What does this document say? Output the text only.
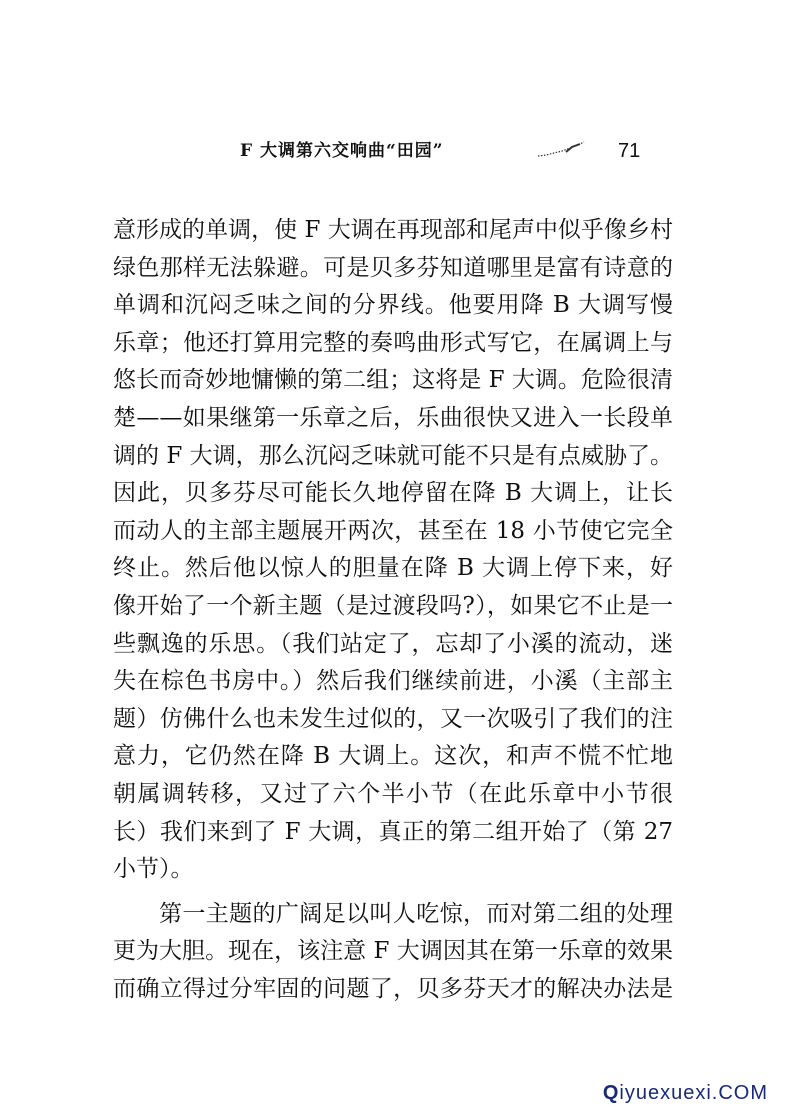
F 大调第六交响曲“田园”	71
意形成的单调，使 F 大调在再现部和尾声中似乎像乡村
绿色那样无法躲避。可是贝多芬知道哪里是富有诗意的
单调和沉闷乏味之间的分界线。他要用降 B 大调写慢
乐章；他还打算用完整的奏鸣曲形式写它，在属调上与
悠长而奇妙地慵懒的第二组；这将是 F 大调。危险很清
楚——如果继第一乐章之后，乐曲很快又进入一长段单
调的 F 大调，那么沉闷乏味就可能不只是有点威胁了。
因此，贝多芬尽可能长久地停留在降 B 大调上，让长
而动人的主部主题展开两次，甚至在 18 小节使它完全
终止。然后他以惊人的胆量在降 B 大调上停下来，好
像开始了一个新主题（是过渡段吗?），如果它不止是一
些飘逸的乐思。（我们站定了，忘却了小溪的流动，迷
失在棕色书房中。）然后我们继续前进，小溪（主部主
题）仿佛什么也未发生过似的，又一次吸引了我们的注
意力，它仍然在降 B 大调上。这次，和声不慌不忙地
朝属调转移，又过了六个半小节（在此乐章中小节很
长）我们来到了 F 大调，真正的第二组开始了（第 27
小节）。
第一主题的广阔足以叫人吃惊，而对第二组的处理
更为大胆。现在，该注意 F 大调因其在第一乐章的效果
而确立得过分牢固的问题了，贝多芬天才的解决办法是
Qiyuexuexi.COM
